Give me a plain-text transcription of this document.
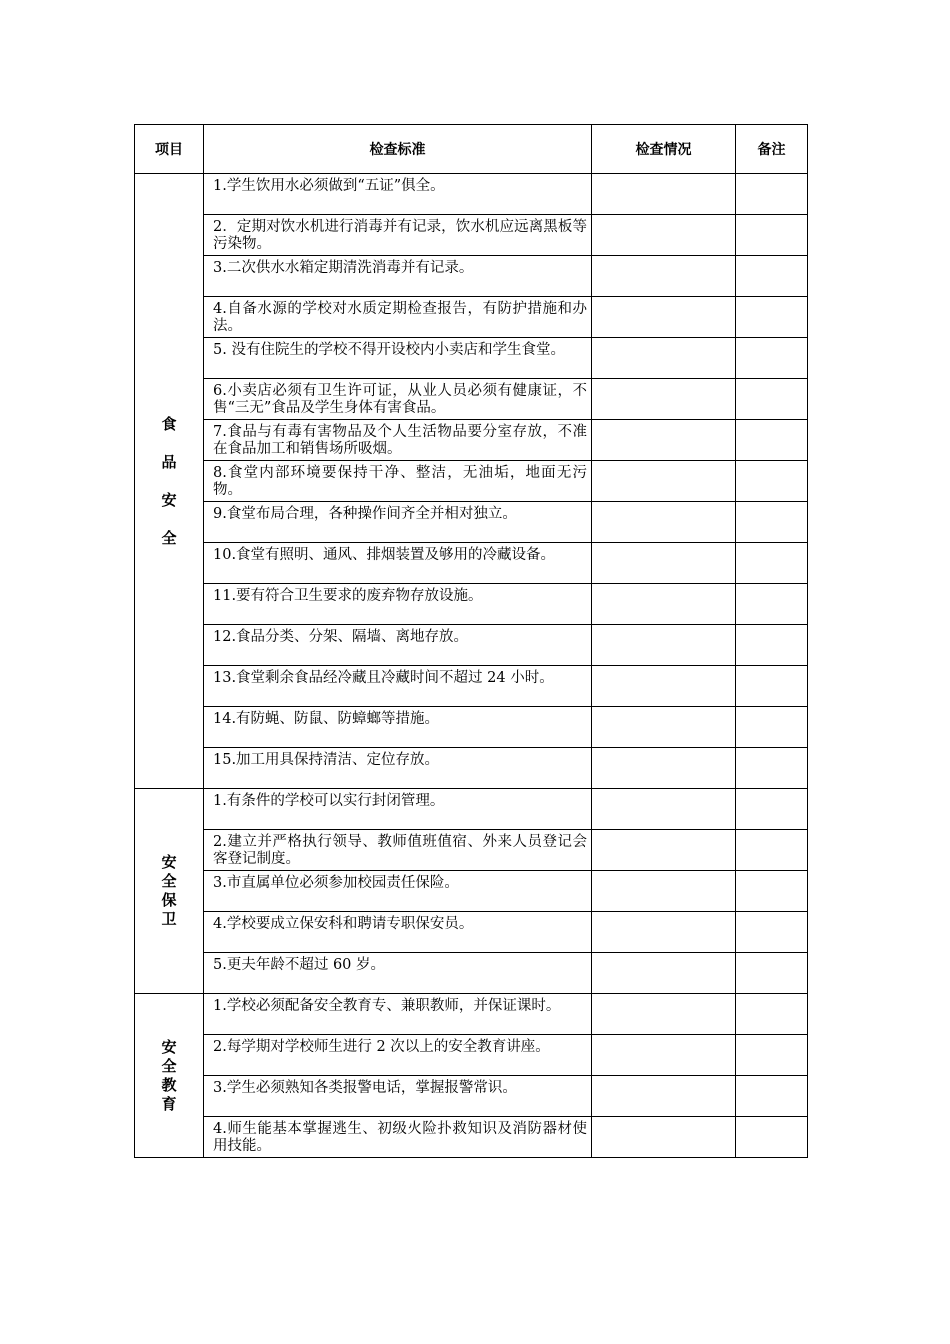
项目	检查标准	检查情况	备注

食
品
安
全	1.学生饮用水必须做到“五证”俱全。		
	2．定期对饮水机进行消毒并有记录，饮水机应远离黑板等污染物。		
	3.二次供水水箱定期清洗消毒并有记录。		
	4.自备水源的学校对水质定期检查报告，有防护措施和办法。		
	5. 没有住院生的学校不得开设校内小卖店和学生食堂。		
	6.小卖店必须有卫生许可证，从业人员必须有健康证，不售“三无”食品及学生身体有害食品。		
	7.食品与有毒有害物品及个人生活物品要分室存放，不准在食品加工和销售场所吸烟。		
	8.食堂内部环境要保持干净、整洁，无油垢，地面无污物。		
	9.食堂布局合理，各种操作间齐全并相对独立。		
	10.食堂有照明、通风、排烟装置及够用的冷藏设备。		
	11.要有符合卫生要求的废弃物存放设施。		
	12.食品分类、分架、隔墙、离地存放。		
	13.食堂剩余食品经冷藏且冷藏时间不超过 24 小时。		
	14.有防蝇、防鼠、防蟑螂等措施。		
	15.加工用具保持清洁、定位存放。		

安
全
保
卫	1.有条件的学校可以实行封闭管理。		
	2.建立并严格执行领导、教师值班值宿、外来人员登记会客登记制度。		
	3.市直属单位必须参加校园责任保险。		
	4.学校要成立保安科和聘请专职保安员。		
	5.更夫年龄不超过 60 岁。		

安
全
教
育	1.学校必须配备安全教育专、兼职教师，并保证课时。		
	2.每学期对学校师生进行 2 次以上的安全教育讲座。		
	3.学生必须熟知各类报警电话，掌握报警常识。		
	4.师生能基本掌握逃生、初级火险扑救知识及消防器材使用技能。		
